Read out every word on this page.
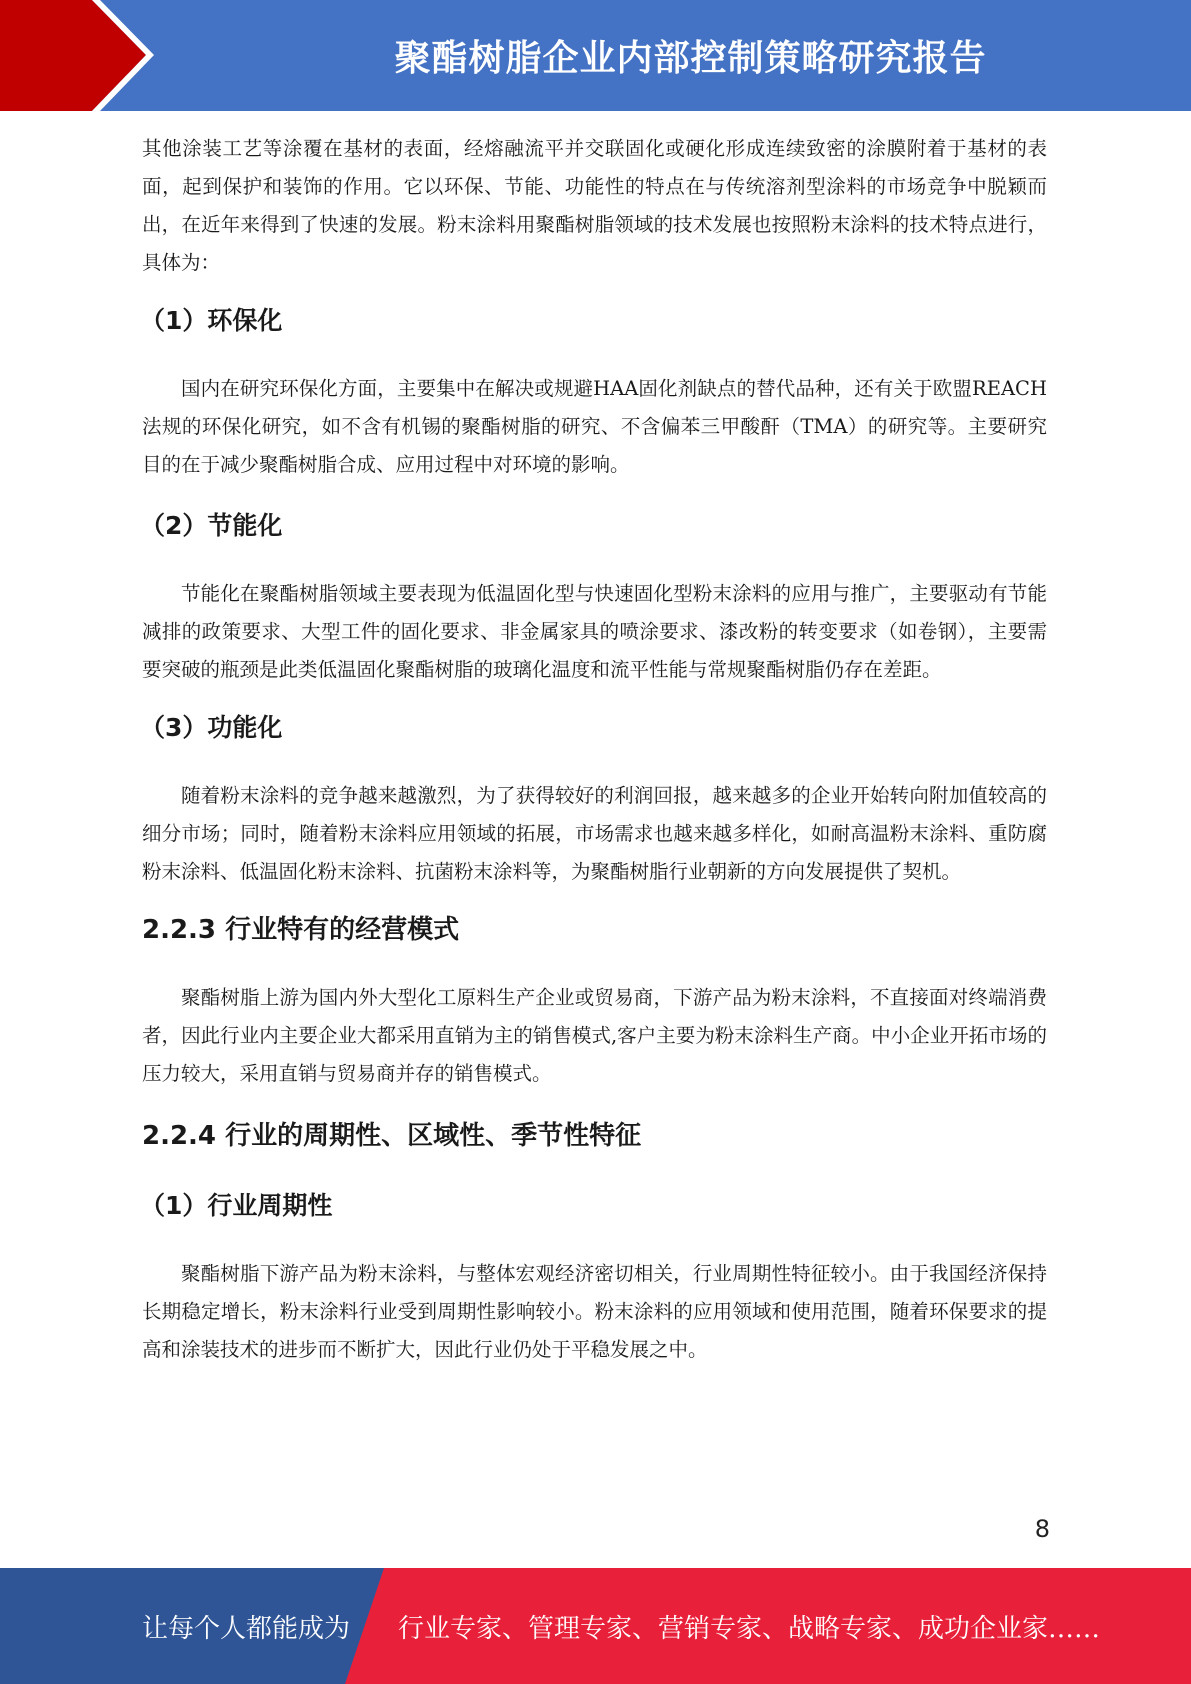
聚酯树脂企业内部控制策略研究报告

其他涂装工艺等涂覆在基材的表面，经熔融流平并交联固化或硬化形成连续致密的涂膜附着于基材的表面，起到保护和装饰的作用。它以环保、节能、功能性的特点在与传统溶剂型涂料的市场竞争中脱颖而出，在近年来得到了快速的发展。粉末涂料用聚酯树脂领域的技术发展也按照粉末涂料的技术特点进行，具体为：

（1）环保化

国内在研究环保化方面，主要集中在解决或规避HAA固化剂缺点的替代品种，还有关于欧盟REACH法规的环保化研究，如不含有机锡的聚酯树脂的研究、不含偏苯三甲酸酐（TMA）的研究等。主要研究目的在于减少聚酯树脂合成、应用过程中对环境的影响。

（2）节能化

节能化在聚酯树脂领域主要表现为低温固化型与快速固化型粉末涂料的应用与推广，主要驱动有节能减排的政策要求、大型工件的固化要求、非金属家具的喷涂要求、漆改粉的转变要求（如卷钢），主要需要突破的瓶颈是此类低温固化聚酯树脂的玻璃化温度和流平性能与常规聚酯树脂仍存在差距。

（3）功能化

随着粉末涂料的竞争越来越激烈，为了获得较好的利润回报，越来越多的企业开始转向附加值较高的细分市场；同时，随着粉末涂料应用领域的拓展，市场需求也越来越多样化，如耐高温粉末涂料、重防腐粉末涂料、低温固化粉末涂料、抗菌粉末涂料等，为聚酯树脂行业朝新的方向发展提供了契机。

2.2.3 行业特有的经营模式

聚酯树脂上游为国内外大型化工原料生产企业或贸易商，下游产品为粉末涂料，不直接面对终端消费者，因此行业内主要企业大都采用直销为主的销售模式,客户主要为粉末涂料生产商。中小企业开拓市场的压力较大，采用直销与贸易商并存的销售模式。

2.2.4 行业的周期性、区域性、季节性特征
（1）行业周期性

聚酯树脂下游产品为粉末涂料，与整体宏观经济密切相关，行业周期性特征较小。由于我国经济保持长期稳定增长，粉末涂料行业受到周期性影响较小。粉末涂料的应用领域和使用范围，随着环保要求的提高和涂装技术的进步而不断扩大，因此行业仍处于平稳发展之中。

8
让每个人都能成为 行业专家、管理专家、营销专家、战略专家、成功企业家……
